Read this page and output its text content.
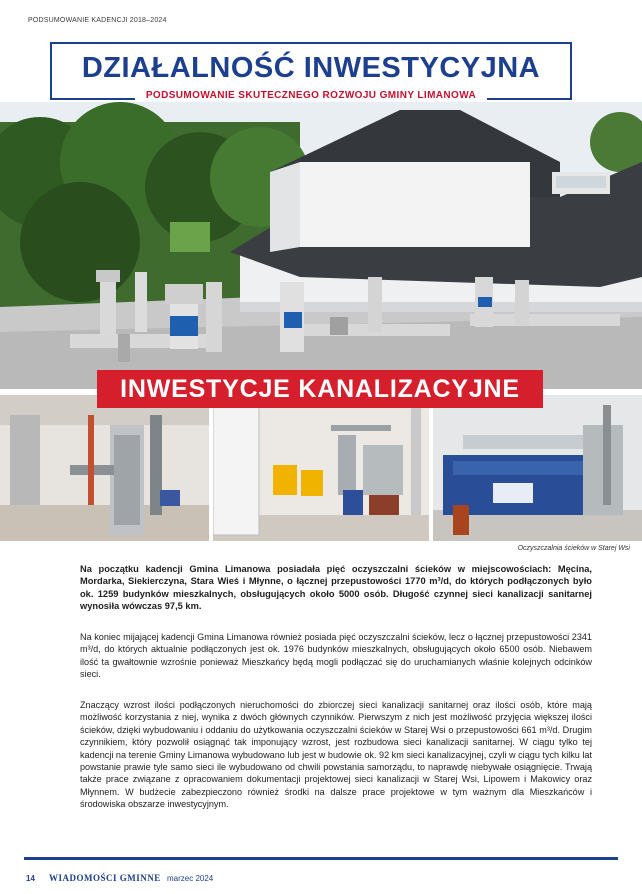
PODSUMOWANIE KADENCJI 2018–2024
DZIAŁALNOŚĆ INWESTYCYJNA
PODSUMOWANIE SKUTECZNEGO ROZWOJU GMINY LIMANOWA
INWESTYCJE KANALIZACYJNE
Oczyszczalnia ścieków w Starej Wsi

Na początku kadencji Gmina Limanowa posiadała pięć oczyszczalni ścieków w miejscowościach: Męcina, Mordarka, Siekierczyna, Stara Wieś i Młynne, o łącznej przepustowości 1770 m³/d, do których podłączonych było ok. 1259 budynków mieszkalnych, obsługujących około 5000 osób. Długość czynnej sieci kanalizacji sanitarnej wynosiła wówczas 97,5 km.

Na koniec mijającej kadencji Gmina Limanowa również posiada pięć oczyszczalni ścieków, lecz o łącznej przepustowości 2341 m³/d, do których aktualnie podłączonych jest ok. 1976 budynków mieszkalnych, obsługujących około 6500 osób. Niebawem ilość ta gwałtownie wzrośnie ponieważ Mieszkańcy będą mogli podłączać się do uruchamianych właśnie kolejnych odcinków sieci.

Znaczący wzrost ilości podłączonych nieruchomości do zbiorczej sieci kanalizacji sanitarnej oraz ilości osób, które mają możliwość korzystania z niej, wynika z dwóch głównych czynników. Pierwszym z nich jest możliwość przyjęcia większej ilości ścieków, dzięki wybudowaniu i oddaniu do użytkowania oczyszczalni ścieków w Starej Wsi o przepustowości 661 m³/d. Drugim czynnikiem, który pozwolił osiągnąć tak imponujący wzrost, jest rozbudowa sieci kanalizacji sanitarnej. W ciągu tylko tej kadencji na terenie Gminy Limanowa wybudowano lub jest w budowie ok. 92 km sieci kanalizacyjnej, czyli w ciągu tych kilku lat powstanie prawie tyle samo sieci ile wybudowano od chwili powstania samorządu, to naprawdę niebywałe osiągnięcie. Trwają także prace związane z opracowaniem dokumentacji projektowej sieci kanalizacji w Starej Wsi, Lipowem i Makowicy oraz Młynnem. W budżecie zabezpieczono również środki na dalsze prace projektowe w tym ważnym dla Mieszkańców i środowiska obszarze inwestycyjnym.

14 WIADOMOŚCI GMINNE marzec 2024
